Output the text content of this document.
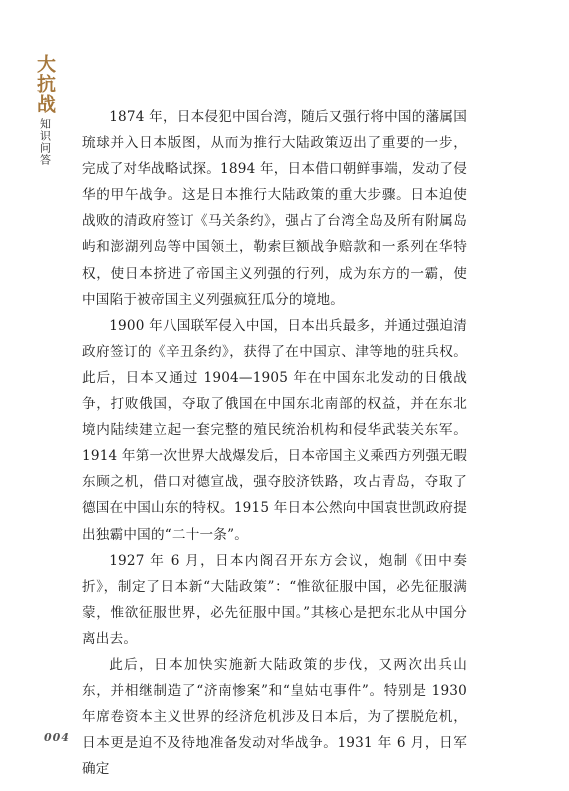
大抗战
知识问答

1874 年，日本侵犯中国台湾，随后又强行将中国的藩属国琉球并入日本版图，从而为推行大陆政策迈出了重要的一步，完成了对华战略试探。1894 年，日本借口朝鲜事端，发动了侵华的甲午战争。这是日本推行大陆政策的重大步骤。日本迫使战败的清政府签订《马关条约》，强占了台湾全岛及所有附属岛屿和澎湖列岛等中国领土，勒索巨额战争赔款和一系列在华特权，使日本挤进了帝国主义列强的行列，成为东方的一霸，使中国陷于被帝国主义列强疯狂瓜分的境地。

1900 年八国联军侵入中国，日本出兵最多，并通过强迫清政府签订的《辛丑条约》，获得了在中国京、津等地的驻兵权。此后，日本又通过 1904—1905 年在中国东北发动的日俄战争，打败俄国，夺取了俄国在中国东北南部的权益，并在东北境内陆续建立起一套完整的殖民统治机构和侵华武装关东军。1914 年第一次世界大战爆发后，日本帝国主义乘西方列强无暇东顾之机，借口对德宣战，强夺胶济铁路，攻占青岛，夺取了德国在中国山东的特权。1915 年日本公然向中国袁世凯政府提出独霸中国的“二十一条”。

1927 年 6 月，日本内阁召开东方会议，炮制《田中奏折》，制定了日本新“大陆政策”：“惟欲征服中国，必先征服满蒙，惟欲征服世界，必先征服中国。”其核心是把东北从中国分离出去。

此后，日本加快实施新大陆政策的步伐，又两次出兵山东，并相继制造了“济南惨案”和“皇姑屯事件”。特别是 1930 年席卷资本主义世界的经济危机涉及日本后，为了摆脱危机，日本更是迫不及待地准备发动对华战争。1931 年 6 月，日军确定

004
